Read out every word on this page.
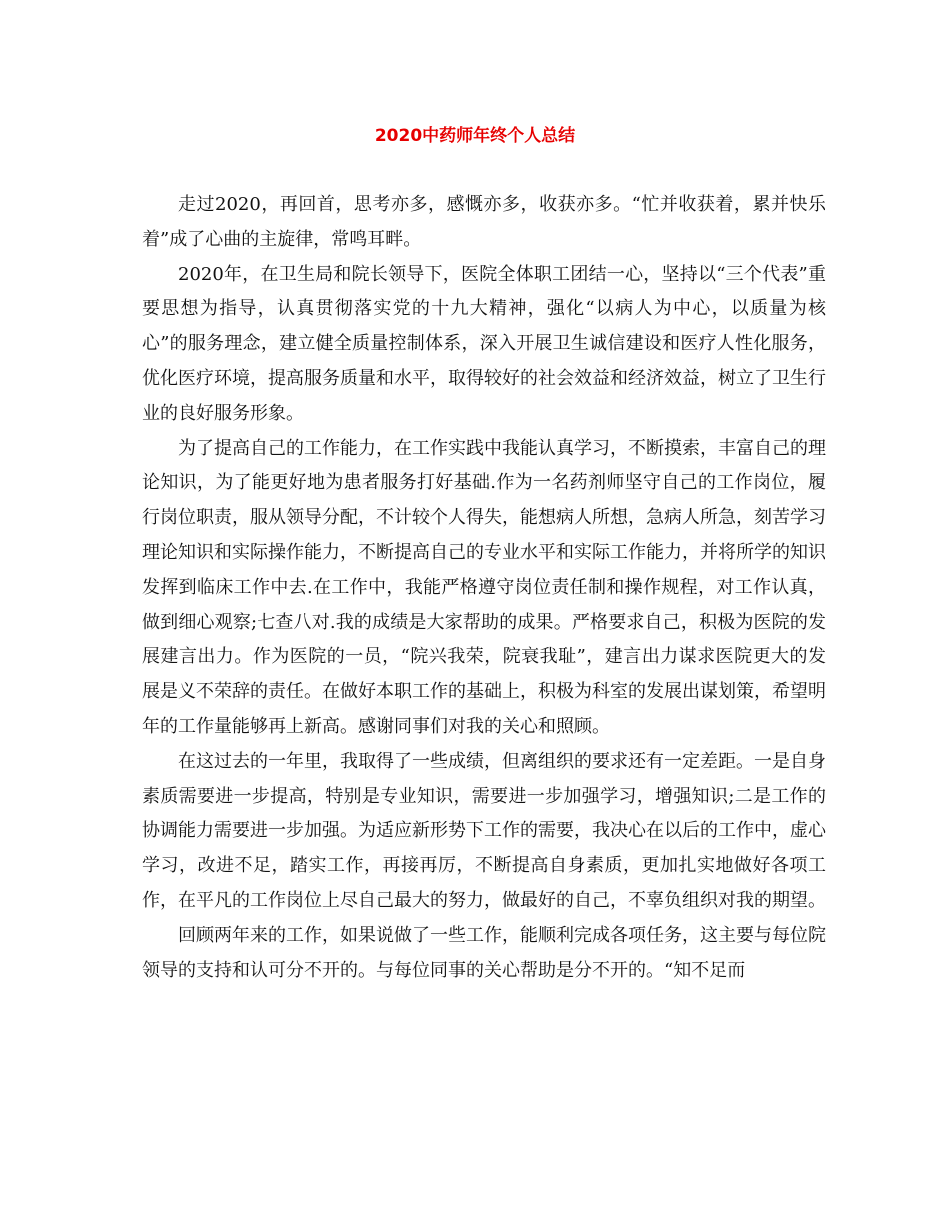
2020中药师年终个人总结

走过2020，再回首，思考亦多，感慨亦多，收获亦多。“忙并收获着，累并快乐着”成了心曲的主旋律，常鸣耳畔。

2020年，在卫生局和院长领导下，医院全体职工团结一心，坚持以“三个代表”重要思想为指导，认真贯彻落实党的十九大精神，强化“以病人为中心，以质量为核心”的服务理念，建立健全质量控制体系，深入开展卫生诚信建设和医疗人性化服务，优化医疗环境，提高服务质量和水平，取得较好的社会效益和经济效益，树立了卫生行业的良好服务形象。

为了提高自己的工作能力，在工作实践中我能认真学习，不断摸索，丰富自己的理论知识，为了能更好地为患者服务打好基础.作为一名药剂师坚守自己的工作岗位，履行岗位职责，服从领导分配，不计较个人得失，能想病人所想，急病人所急，刻苦学习理论知识和实际操作能力，不断提高自己的专业水平和实际工作能力，并将所学的知识发挥到临床工作中去.在工作中，我能严格遵守岗位责任制和操作规程，对工作认真，做到细心观察;七查八对.我的成绩是大家帮助的成果。严格要求自己，积极为医院的发展建言出力。作为医院的一员，“院兴我荣，院衰我耻”，建言出力谋求医院更大的发展是义不荣辞的责任。在做好本职工作的基础上，积极为科室的发展出谋划策，希望明年的工作量能够再上新高。感谢同事们对我的关心和照顾。

在这过去的一年里，我取得了一些成绩，但离组织的要求还有一定差距。一是自身素质需要进一步提高，特别是专业知识，需要进一步加强学习，增强知识;二是工作的协调能力需要进一步加强。为适应新形势下工作的需要，我决心在以后的工作中，虚心学习，改进不足，踏实工作，再接再厉，不断提高自身素质，更加扎实地做好各项工作，在平凡的工作岗位上尽自己最大的努力，做最好的自己，不辜负组织对我的期望。

回顾两年来的工作，如果说做了一些工作，能顺利完成各项任务，这主要与每位院领导的支持和认可分不开的。与每位同事的关心帮助是分不开的。“知不足而
